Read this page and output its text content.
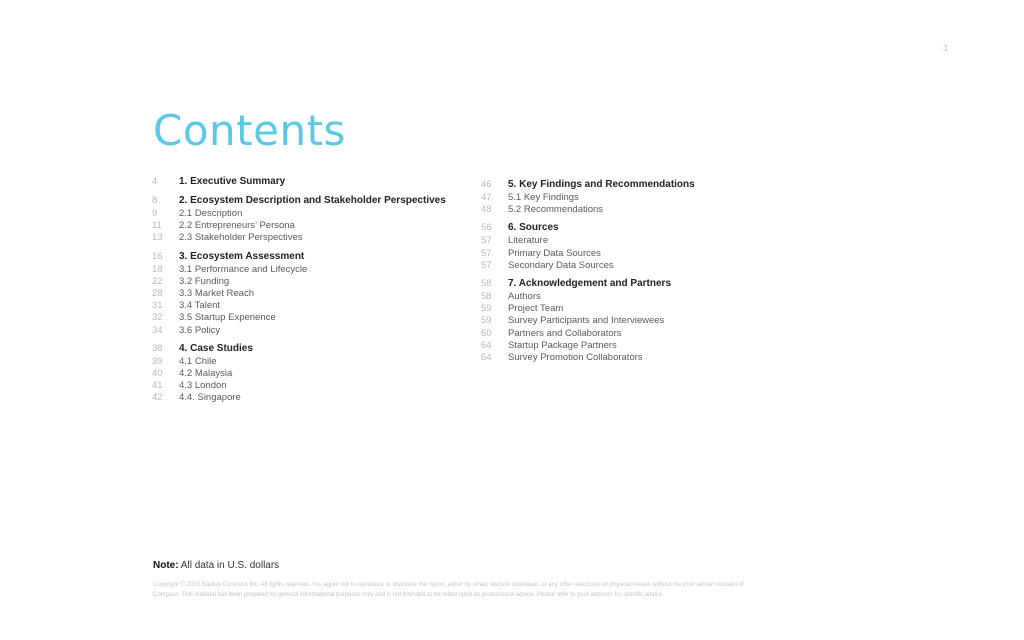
3
Contents
4	1. Executive Summary
8	2. Ecosystem Description and Stakeholder Perspectives
9	2.1 Description
11	2.2 Entrepreneurs’ Persona
13	2.3 Stakeholder Perspectives
16	3. Ecosystem Assessment
18	3.1 Performance and Lifecycle
22	3.2 Funding
28	3.3 Market Reach
31	3.4 Talent
32	3.5 Startup Experience
34	3.6 Policy
38	4. Case Studies
39	4.1 Chile
40	4.2 Malaysia
41	4.3 London
42	4.4. Singapore
46	5. Key Findings and Recommendations
47	5.1 Key Findings
48	5.2 Recommendations
56	6. Sources
57	Literature
57	Primary Data Sources
57	Secondary Data Sources
58	7. Acknowledgement and Partners
58	Authors
59	Project Team
59	Survey Participants and Interviewees
60	Partners and Collaborators
64	Startup Package Partners
64	Survey Promotion Collaborators
Note: All data in U.S. dollars
Copyright © 2015 Startup Compass Inc. All rights reserved. You agree not to reproduce or distribute the report, either by email, website download, or any other electronic or physical means without the prior written consent of Compass. This material has been prepared for general informational purposes only and is not intended to be relied upon as professional advice. Please refer to your advisors for specific advice.
